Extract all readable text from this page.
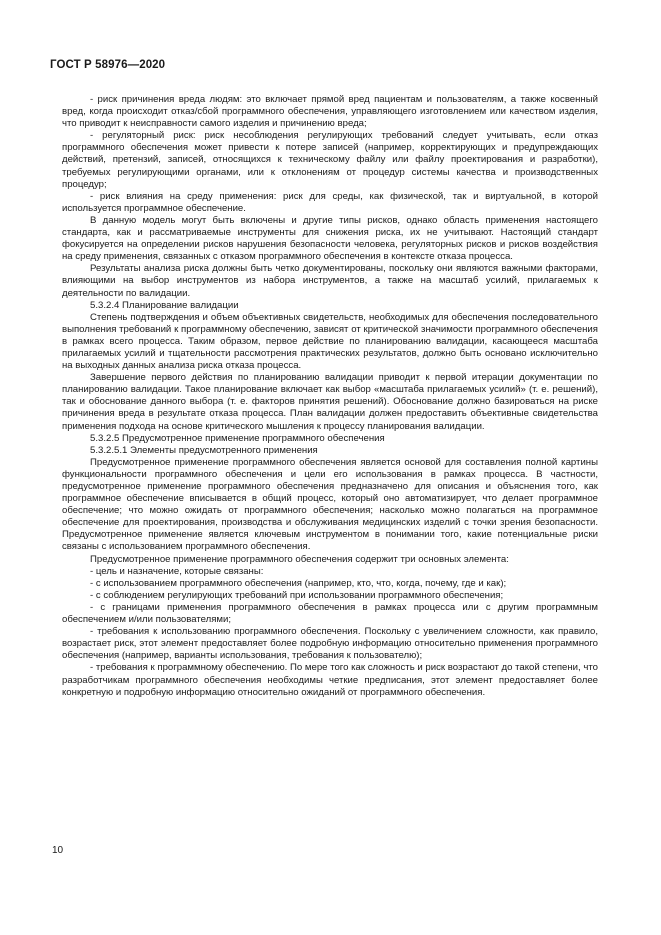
ГОСТ Р 58976—2020

- риск причинения вреда людям: это включает прямой вред пациентам и пользователям, а также косвенный вред, когда происходит отказ/сбой программного обеспечения, управляющего изготовлением или качеством изделия, что приводит к неисправности самого изделия и причинению вреда;

- регуляторный риск: риск несоблюдения регулирующих требований следует учитывать, если отказ программного обеспечения может привести к потере записей (например, корректирующих и предупреждающих действий, претензий, записей, относящихся к техническому файлу или файлу проектирования и разработки), требуемых регулирующими органами, или к отклонениям от процедур системы качества и производственных процедур;

- риск влияния на среду применения: риск для среды, как физической, так и виртуальной, в которой используется программное обеспечение.

В данную модель могут быть включены и другие типы рисков, однако область применения настоящего стандарта, как и рассматриваемые инструменты для снижения риска, их не учитывают. Настоящий стандарт фокусируется на определении рисков нарушения безопасности человека, регуляторных рисков и рисков воздействия на среду применения, связанных с отказом программного обеспечения в контексте отказа процесса.

Результаты анализа риска должны быть четко документированы, поскольку они являются важными факторами, влияющими на выбор инструментов из набора инструментов, а также на масштаб усилий, прилагаемых к деятельности по валидации.

5.3.2.4 Планирование валидации

Степень подтверждения и объем объективных свидетельств, необходимых для обеспечения последовательного выполнения требований к программному обеспечению, зависят от критической значимости программного обеспечения в рамках всего процесса. Таким образом, первое действие по планированию валидации, касающееся масштаба прилагаемых усилий и тщательности рассмотрения практических результатов, должно быть основано исключительно на выходных данных анализа риска отказа процесса.

Завершение первого действия по планированию валидации приводит к первой итерации документации по планированию валидации. Такое планирование включает как выбор «масштаба прилагаемых усилий» (т. е. решений), так и обоснование данного выбора (т. е. факторов принятия решений). Обоснование должно базироваться на риске причинения вреда в результате отказа процесса. План валидации должен предоставить объективные свидетельства применения подхода на основе критического мышления к процессу планирования валидации.

5.3.2.5 Предусмотренное применение программного обеспечения

5.3.2.5.1 Элементы предусмотренного применения

Предусмотренное применение программного обеспечения является основой для составления полной картины функциональности программного обеспечения и цели его использования в рамках процесса. В частности, предусмотренное применение программного обеспечения предназначено для описания и объяснения того, как программное обеспечение вписывается в общий процесс, который оно автоматизирует, что делает программное обеспечение; что можно ожидать от программного обеспечения; насколько можно полагаться на программное обеспечение для проектирования, производства и обслуживания медицинских изделий с точки зрения безопасности. Предусмотренное применение является ключевым инструментом в понимании того, какие потенциальные риски связаны с использованием программного обеспечения.

Предусмотренное применение программного обеспечения содержит три основных элемента:

- цель и назначение, которые связаны:

- с использованием программного обеспечения (например, кто, что, когда, почему, где и как);

- с соблюдением регулирующих требований при использовании программного обеспечения;

- с границами применения программного обеспечения в рамках процесса или с другим программным обеспечением и/или пользователями;

- требования к использованию программного обеспечения. Поскольку с увеличением сложности, как правило, возрастает риск, этот элемент предоставляет более подробную информацию относительно применения программного обеспечения (например, варианты использования, требования к пользователю);

- требования к программному обеспечению. По мере того как сложность и риск возрастают до такой степени, что разработчикам программного обеспечения необходимы четкие предписания, этот элемент предоставляет более конкретную и подробную информацию относительно ожиданий от программного обеспечения.

10
